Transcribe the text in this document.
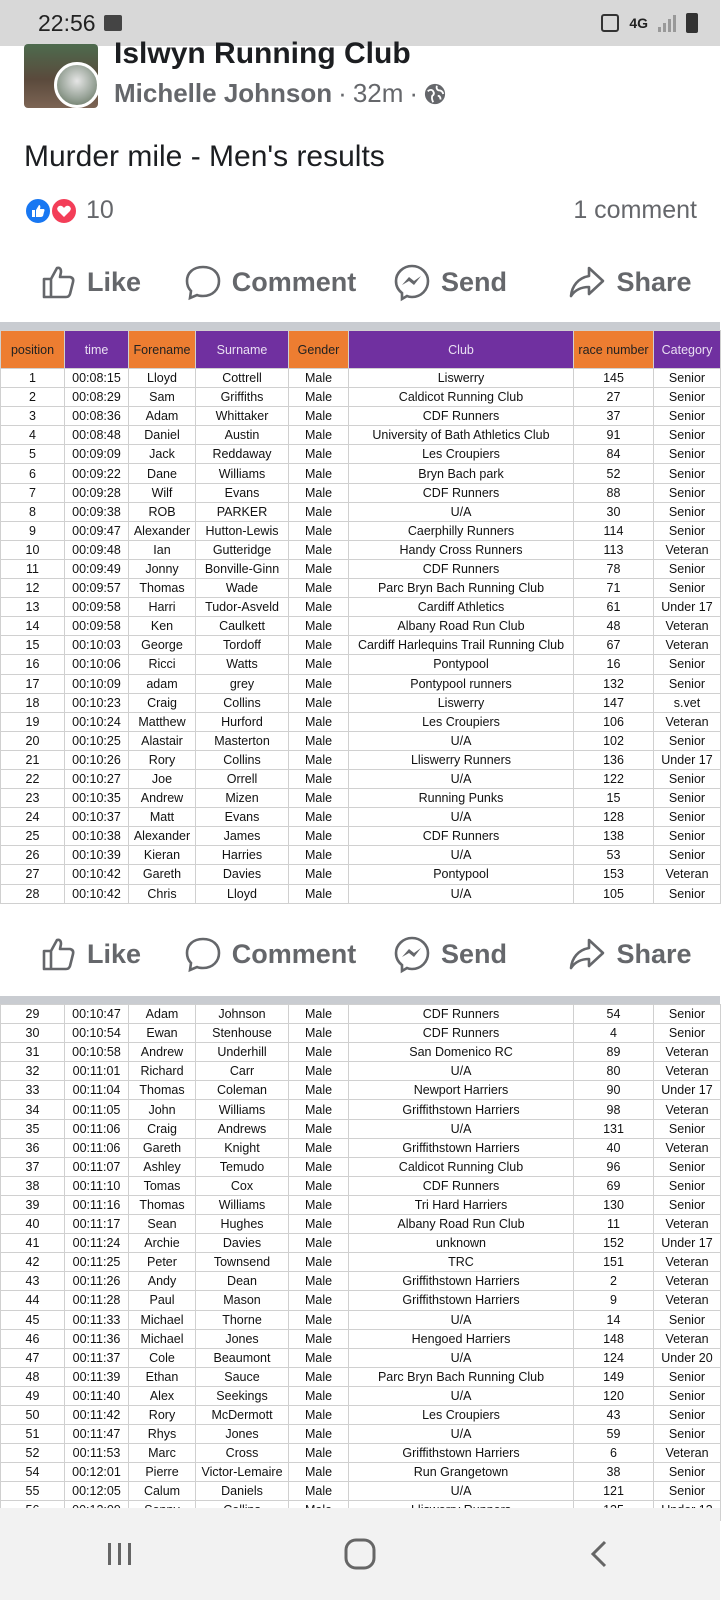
22:56	4G
Islwyn Running Club
Michelle Johnson · 32m ·
Murder mile - Men's results
10	1 comment
Like	Comment	Send	Share
position	time	Forename	Surname	Gender	Club	race number	Category
1	00:08:15	Lloyd	Cottrell	Male	Liswerry	145	Senior
2	00:08:29	Sam	Griffiths	Male	Caldicot Running Club	27	Senior
3	00:08:36	Adam	Whittaker	Male	CDF Runners	37	Senior
4	00:08:48	Daniel	Austin	Male	University of Bath Athletics Club	91	Senior
5	00:09:09	Jack	Reddaway	Male	Les Croupiers	84	Senior
6	00:09:22	Dane	Williams	Male	Bryn Bach park	52	Senior
7	00:09:28	Wilf	Evans	Male	CDF Runners	88	Senior
8	00:09:38	ROB	PARKER	Male	U/A	30	Senior
9	00:09:47	Alexander	Hutton-Lewis	Male	Caerphilly Runners	114	Senior
10	00:09:48	Ian	Gutteridge	Male	Handy Cross Runners	113	Veteran
11	00:09:49	Jonny	Bonville-Ginn	Male	CDF Runners	78	Senior
12	00:09:57	Thomas	Wade	Male	Parc Bryn Bach Running Club	71	Senior
13	00:09:58	Harri	Tudor-Asveld	Male	Cardiff Athletics	61	Under 17
14	00:09:58	Ken	Caulkett	Male	Albany Road Run Club	48	Veteran
15	00:10:03	George	Tordoff	Male	Cardiff Harlequins Trail Running Club	67	Veteran
16	00:10:06	Ricci	Watts	Male	Pontypool	16	Senior
17	00:10:09	adam	grey	Male	Pontypool runners	132	Senior
18	00:10:23	Craig	Collins	Male	Liswerry	147	s.vet
19	00:10:24	Matthew	Hurford	Male	Les Croupiers	106	Veteran
20	00:10:25	Alastair	Masterton	Male	U/A	102	Senior
21	00:10:26	Rory	Collins	Male	Lliswerry Runners	136	Under 17
22	00:10:27	Joe	Orrell	Male	U/A	122	Senior
23	00:10:35	Andrew	Mizen	Male	Running Punks	15	Senior
24	00:10:37	Matt	Evans	Male	U/A	128	Senior
25	00:10:38	Alexander	James	Male	CDF Runners	138	Senior
26	00:10:39	Kieran	Harries	Male	U/A	53	Senior
27	00:10:42	Gareth	Davies	Male	Pontypool	153	Veteran
28	00:10:42	Chris	Lloyd	Male	U/A	105	Senior
Like	Comment	Send	Share
29	00:10:47	Adam	Johnson	Male	CDF Runners	54	Senior
30	00:10:54	Ewan	Stenhouse	Male	CDF Runners	4	Senior
31	00:10:58	Andrew	Underhill	Male	San Domenico RC	89	Veteran
32	00:11:01	Richard	Carr	Male	U/A	80	Veteran
33	00:11:04	Thomas	Coleman	Male	Newport Harriers	90	Under 17
34	00:11:05	John	Williams	Male	Griffithstown Harriers	98	Veteran
35	00:11:06	Craig	Andrews	Male	U/A	131	Senior
36	00:11:06	Gareth	Knight	Male	Griffithstown Harriers	40	Veteran
37	00:11:07	Ashley	Temudo	Male	Caldicot Running Club	96	Senior
38	00:11:10	Tomas	Cox	Male	CDF Runners	69	Senior
39	00:11:16	Thomas	Williams	Male	Tri Hard Harriers	130	Senior
40	00:11:17	Sean	Hughes	Male	Albany Road Run Club	11	Veteran
41	00:11:24	Archie	Davies	Male	unknown	152	Under 17
42	00:11:25	Peter	Townsend	Male	TRC	151	Veteran
43	00:11:26	Andy	Dean	Male	Griffithstown Harriers	2	Veteran
44	00:11:28	Paul	Mason	Male	Griffithstown Harriers	9	Veteran
45	00:11:33	Michael	Thorne	Male	U/A	14	Senior
46	00:11:36	Michael	Jones	Male	Hengoed Harriers	148	Veteran
47	00:11:37	Cole	Beaumont	Male	U/A	124	Under 20
48	00:11:39	Ethan	Sauce	Male	Parc Bryn Bach Running Club	149	Senior
49	00:11:40	Alex	Seekings	Male	U/A	120	Senior
50	00:11:42	Rory	McDermott	Male	Les Croupiers	43	Senior
51	00:11:47	Rhys	Jones	Male	U/A	59	Senior
52	00:11:53	Marc	Cross	Male	Griffithstown Harriers	6	Veteran
54	00:12:01	Pierre	Victor-Lemaire	Male	Run Grangetown	38	Senior
55	00:12:05	Calum	Daniels	Male	U/A	121	Senior
